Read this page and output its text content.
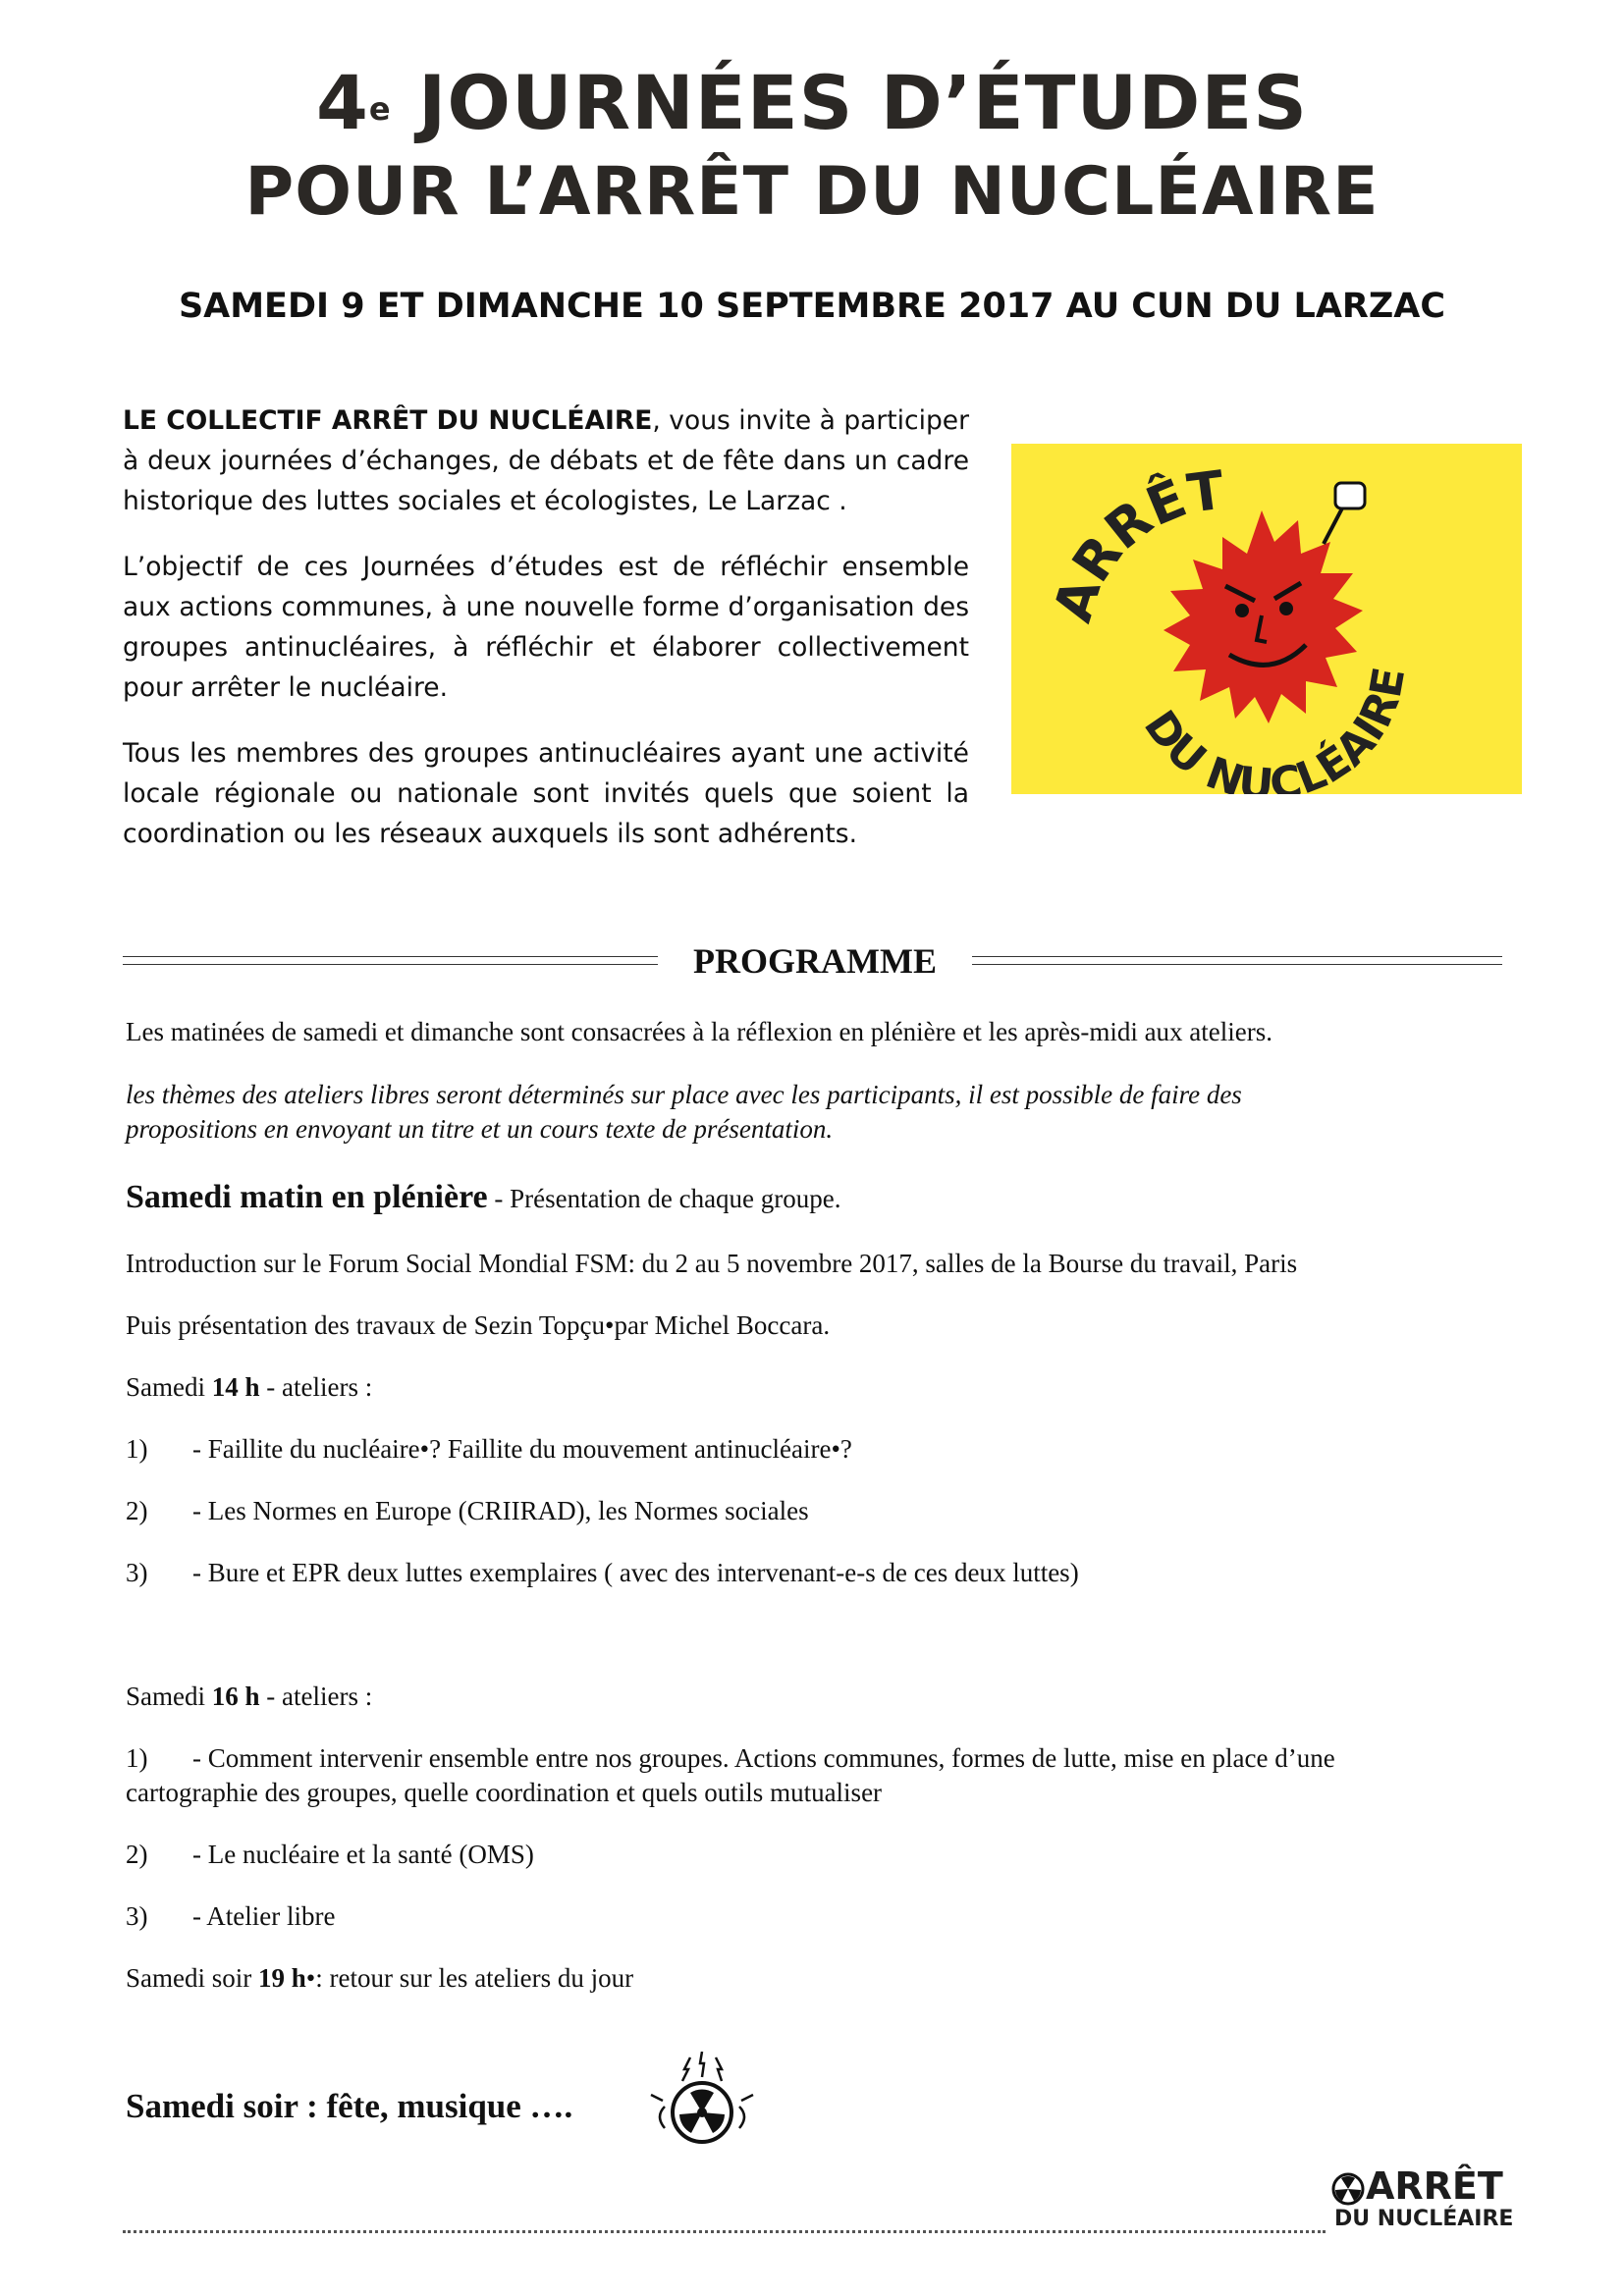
4e JOURNÉES D’ÉTUDES
POUR L’ARRÊT DU NUCLÉAIRE
SAMEDI 9 ET DIMANCHE 10 SEPTEMBRE 2017 AU CUN DU LARZAC

LE COLLECTIF ARRÊT DU NUCLÉAIRE, vous invite à participer à deux journées d’échanges, de débats et de fête dans un cadre historique des luttes sociales et écologistes, Le Larzac .

L’objectif de ces Journées d’études est de réfléchir ensemble aux actions communes, à une nouvelle forme d’organisation des groupes antinucléaires, à réfléchir et élaborer collectivement pour arrêter le nucléaire.

Tous les membres des groupes antinucléaires ayant une activité locale régionale ou nationale sont invités quels que soient la coordination ou les réseaux auxquels ils sont adhérents.

ARRÊT
DU NUCLÉAIRE
PROGRAMME
Les matinées de samedi et dimanche sont consacrées à la réflexion en plénière et les après-midi aux ateliers.
les thèmes des ateliers libres seront déterminés sur place avec les participants, il est possible de faire des
propositions en envoyant un titre et un cours texte de présentation.
Samedi matin en plénière - Présentation de chaque groupe.
Introduction sur le Forum Social Mondial FSM: du 2 au 5 novembre 2017, salles de la Bourse du travail, Paris
Puis présentation des travaux de Sezin Topçu•par Michel Boccara.
Samedi 14 h - ateliers :
1) - Faillite du nucléaire•? Faillite du mouvement antinucléaire•?
2) - Les Normes en Europe (CRIIRAD), les Normes sociales
3) - Bure et EPR deux luttes exemplaires ( avec des intervenant-e-s de ces deux luttes)
Samedi 16 h - ateliers :
1) - Comment intervenir ensemble entre nos groupes. Actions communes, formes de lutte, mise en place d’une
cartographie des groupes, quelle coordination et quels outils mutualiser
2) - Le nucléaire et la santé (OMS)
3) - Atelier libre
Samedi soir 19 h•: retour sur les ateliers du jour
Samedi soir : fête, musique ….
ARRÊT
DU NUCLÉAIRE
